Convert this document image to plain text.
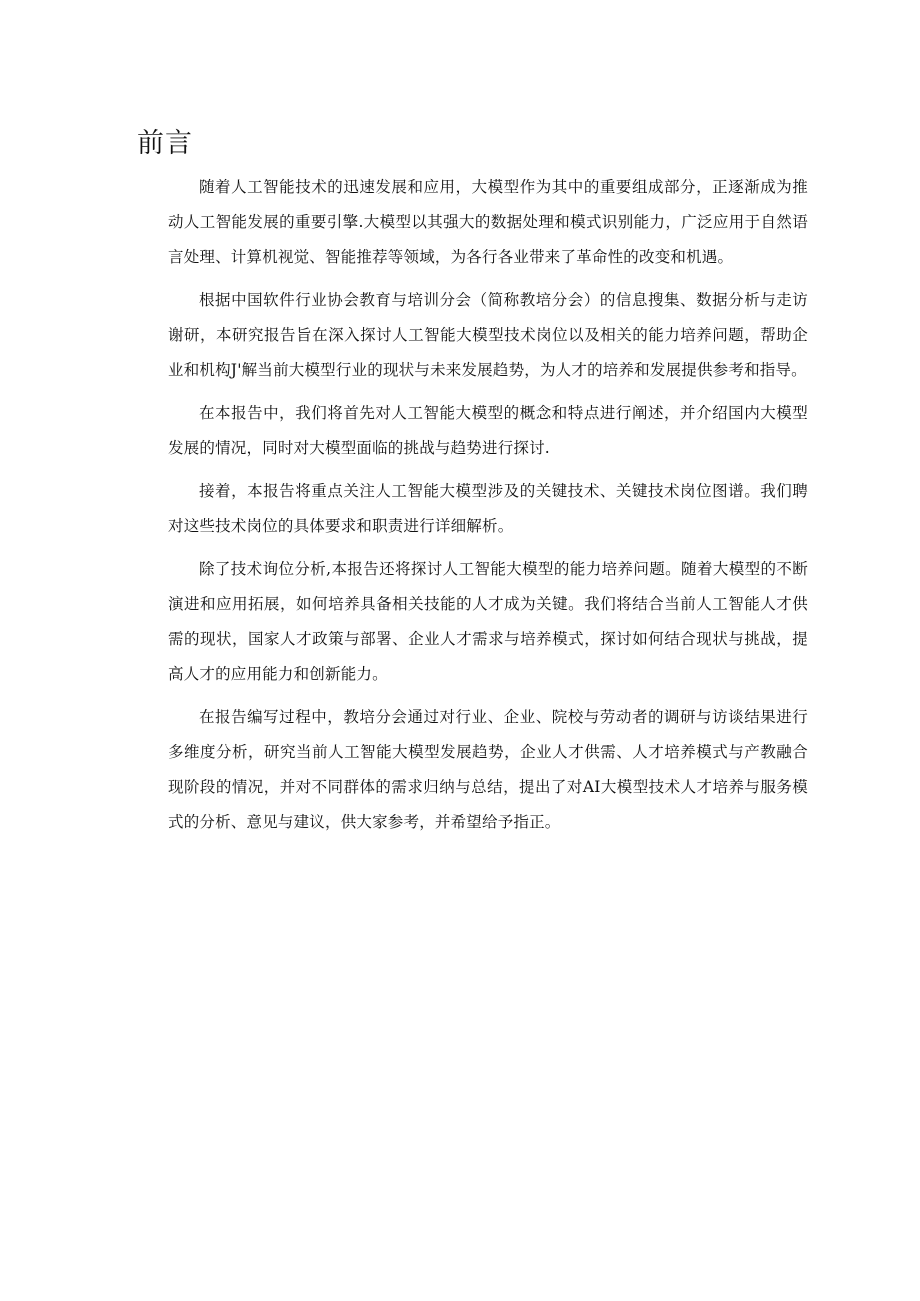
前言

随着人工智能技术的迅速发展和应用，大模型作为其中的重要组成部分，正逐渐成为推动人工智能发展的重要引擎.大模型以其强大的数据处理和模式识别能力，广泛应用于自然语言处理、计算机视觉、智能推荐等领域，为各行各业带来了革命性的改变和机遇。

根据中国软件行业协会教育与培训分会（简称教培分会）的信息搜集、数据分析与走访谢研，本研究报告旨在深入探讨人工智能大模型技术岗位以及相关的能力培养问题，帮助企业和机构J'解当前大模型行业的现状与未来发展趋势，为人才的培养和发展提供参考和指导。

在本报告中，我们将首先对人工智能大模型的概念和特点进行阐述，并介绍国内大模型发展的情况，同时对大模型面临的挑战与趋势进行探讨.

接着，本报告将重点关注人工智能大模型涉及的关键技术、关键技术岗位图谱。我们聘对这些技术岗位的具体要求和职责进行详细解析。

除了技术询位分析,本报告还将探讨人工智能大模型的能力培养问题。随着大模型的不断演进和应用拓展，如何培养具备相关技能的人才成为关键。我们将结合当前人工智能人才供需的现状，国家人才政策与部署、企业人才需求与培养模式，探讨如何结合现状与挑战，提高人才的应用能力和创新能力。

在报告编写过程中，教培分会通过对行业、企业、院校与劳动者的调研与访谈结果进行多维度分析，研究当前人工智能大模型发展趋势，企业人才供需、人才培养模式与产教融合现阶段的情况，并对不同群体的需求归纳与总结，提出了对AI大模型技术人才培养与服务模式的分析、意见与建议，供大家参考，并希望给予指正。
